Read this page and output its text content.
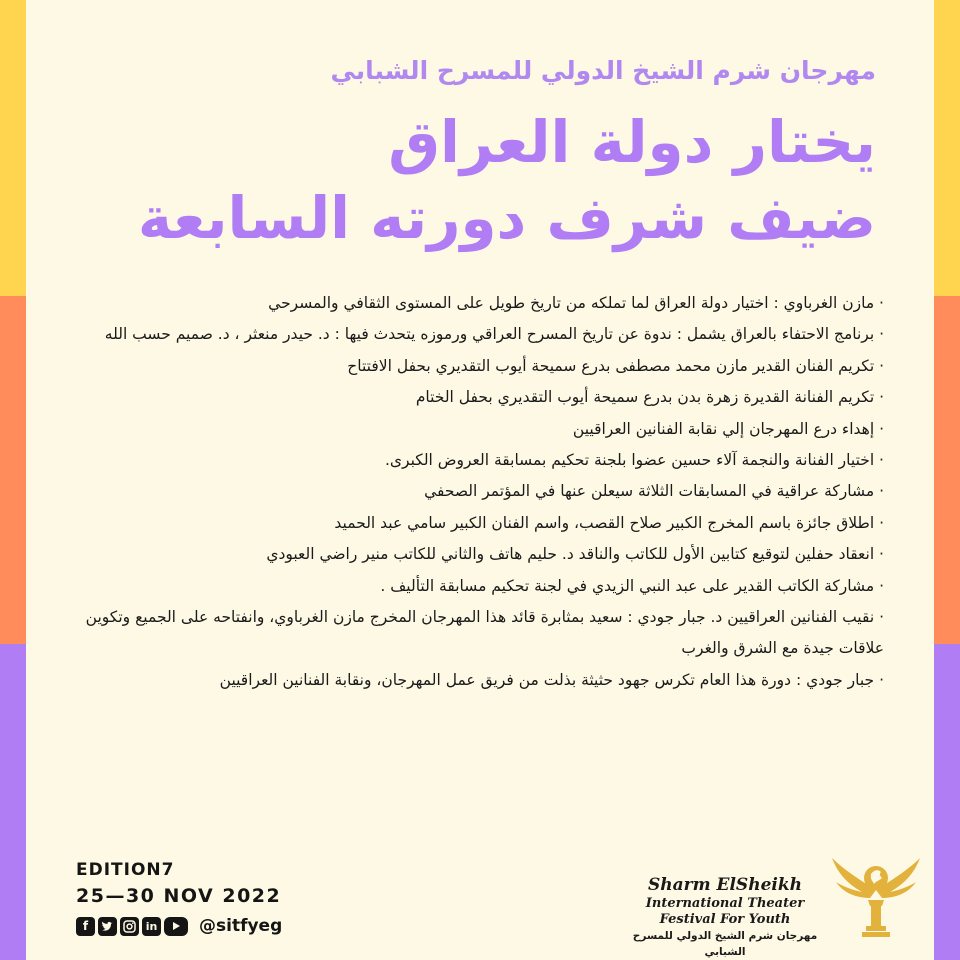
مهرجان شرم الشيخ الدولي للمسرح الشبابي
يختار دولة العراق
ضيف شرف دورته السابعة

· مازن الغرباوي : اختيار دولة العراق لما تملكه من تاريخ طويل على المستوى الثقافي والمسرحي

· برنامج الاحتفاء بالعراق يشمل : ندوة عن تاريخ المسرح العراقي ورموزه يتحدث فيها : د. حيدر منعثر ، د. صميم حسب الله

· تكريم الفنان القدير مازن محمد مصطفى بدرع سميحة أيوب التقديري بحفل الافتتاح

· تكريم الفنانة القديرة زهرة بدن بدرع سميحة أيوب التقديري بحفل الختام

· إهداء درع المهرجان إلي نقابة الفنانين العراقيين

· اختيار الفنانة والنجمة آلاء حسين عضوا بلجنة تحكيم بمسابقة العروض الكبرى.

· مشاركة عراقية في المسابقات الثلاثة سيعلن عنها في المؤتمر الصحفي

· اطلاق جائزة باسم المخرج الكبير صلاح القصب، واسم الفنان الكبير سامي عبد الحميد

· انعقاد حفلين لتوقيع كتابين الأول للكاتب والناقد د. حليم هاتف والثاني للكاتب منير راضي العبودي

· مشاركة الكاتب القدير على عبد النبي الزيدي في لجنة تحكيم مسابقة التأليف .

· نقيب الفنانين العراقيين د. جبار جودي : سعيد بمثابرة قائد هذا المهرجان المخرج مازن الغرباوي، وانفتاحه على الجميع وتكوين علاقات جيدة مع الشرق والغرب

· جبار جودي : دورة هذا العام تكرس جهود حثيثة بذلت من فريق عمل المهرجان، ونقابة الفنانين العراقيين

EDITION7
25—30 NOV 2022
f	in @sitfyeg
Sharm ElSheikh
International Theater
Festival For Youth
مهرجان شرم الشيخ الدولي للمسرح الشبابي
